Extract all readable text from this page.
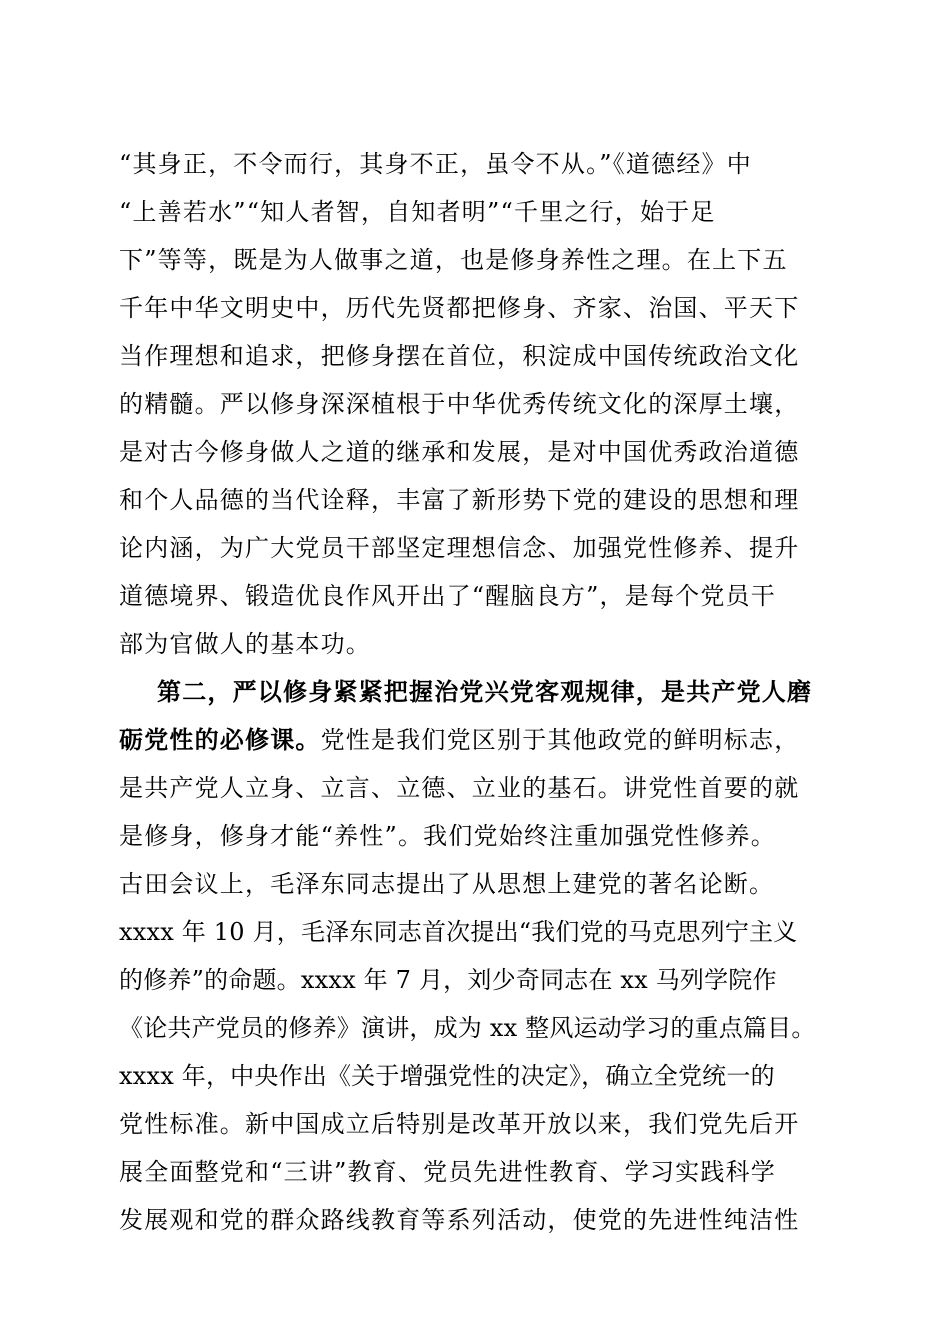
“其身正，不令而行，其身不正，虽令不从。”《道德经》中
“上善若水”“知人者智，自知者明”“千里之行，始于足
下”等等，既是为人做事之道，也是修身养性之理。在上下五
千年中华文明史中，历代先贤都把修身、齐家、治国、平天下
当作理想和追求，把修身摆在首位，积淀成中国传统政治文化
的精髓。严以修身深深植根于中华优秀传统文化的深厚土壤，
是对古今修身做人之道的继承和发展，是对中国优秀政治道德
和个人品德的当代诠释，丰富了新形势下党的建设的思想和理
论内涵，为广大党员干部坚定理想信念、加强党性修养、提升
道德境界、锻造优良作风开出了“醒脑良方”，是每个党员干
部为官做人的基本功。
第二，严以修身紧紧把握治党兴党客观规律，是共产党人磨
砺党性的必修课。党性是我们党区别于其他政党的鲜明标志，
是共产党人立身、立言、立德、立业的基石。讲党性首要的就
是修身，修身才能“养性”。我们党始终注重加强党性修养。
古田会议上，毛泽东同志提出了从思想上建党的著名论断。
xxxx 年 10 月，毛泽东同志首次提出“我们党的马克思列宁主义
的修养”的命题。xxxx 年 7 月，刘少奇同志在 xx 马列学院作
《论共产党员的修养》演讲，成为 xx 整风运动学习的重点篇目。
xxxx 年，中央作出《关于增强党性的决定》，确立全党统一的
党性标准。新中国成立后特别是改革开放以来，我们党先后开
展全面整党和“三讲”教育、党员先进性教育、学习实践科学
发展观和党的群众路线教育等系列活动，使党的先进性纯洁性
